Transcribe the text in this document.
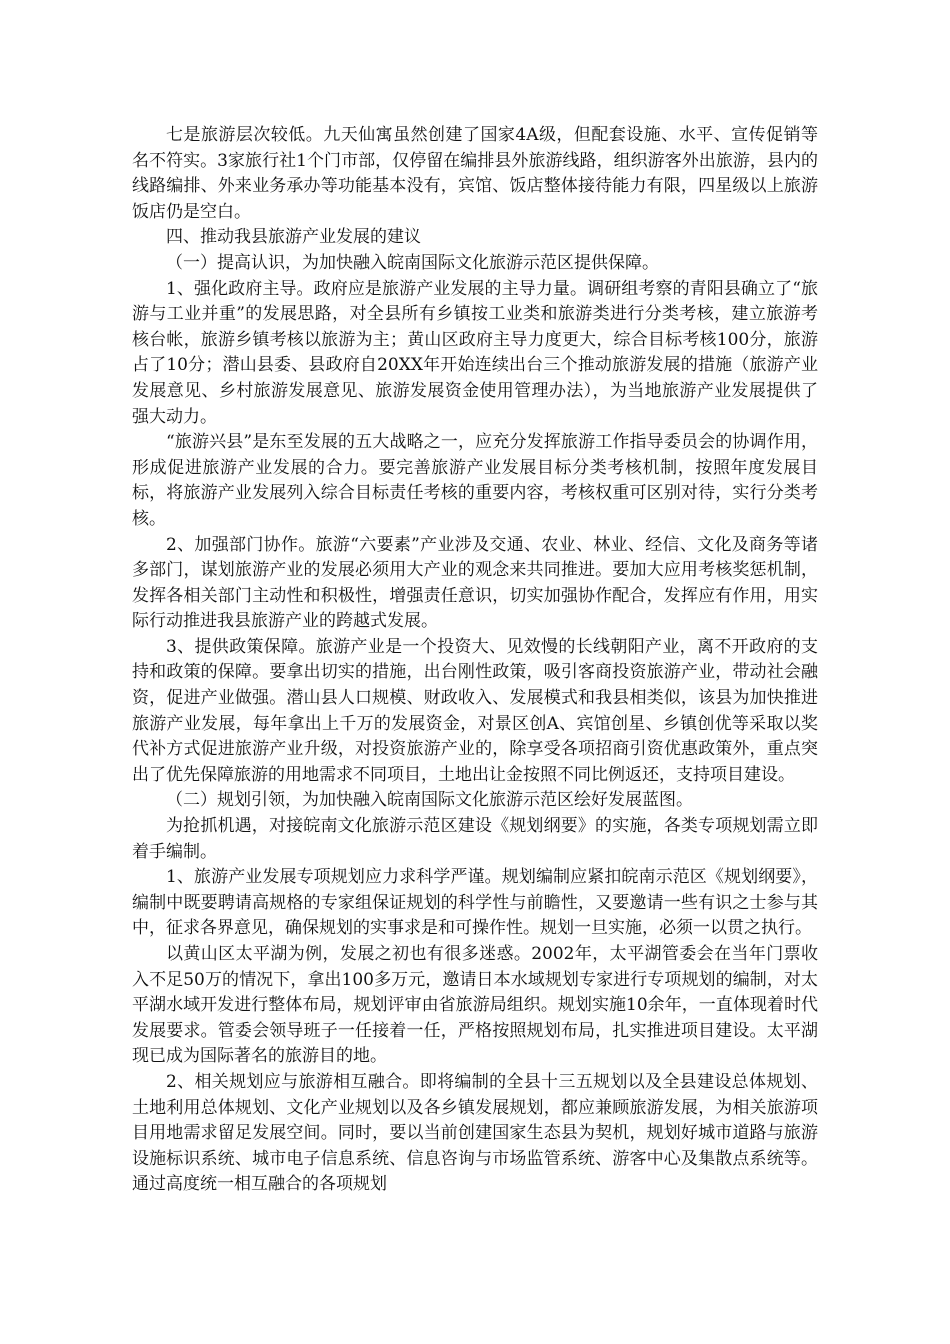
七是旅游层次较低。九天仙寓虽然创建了国家4A级，但配套设施、水平、宣传促销等名不符实。3家旅行社1个门市部，仅停留在编排县外旅游线路，组织游客外出旅游，县内的线路编排、外来业务承办等功能基本没有，宾馆、饭店整体接待能力有限，四星级以上旅游饭店仍是空白。

四、推动我县旅游产业发展的建议

（一）提高认识，为加快融入皖南国际文化旅游示范区提供保障。

1、强化政府主导。政府应是旅游产业发展的主导力量。调研组考察的青阳县确立了“旅游与工业并重”的发展思路，对全县所有乡镇按工业类和旅游类进行分类考核，建立旅游考核台帐，旅游乡镇考核以旅游为主；黄山区政府主导力度更大，综合目标考核100分，旅游占了10分；潜山县委、县政府自20XX年开始连续出台三个推动旅游发展的措施（旅游产业发展意见、乡村旅游发展意见、旅游发展资金使用管理办法），为当地旅游产业发展提供了强大动力。

“旅游兴县”是东至发展的五大战略之一，应充分发挥旅游工作指导委员会的协调作用，形成促进旅游产业发展的合力。要完善旅游产业发展目标分类考核机制，按照年度发展目标，将旅游产业发展列入综合目标责任考核的重要内容，考核权重可区别对待，实行分类考核。

2、加强部门协作。旅游“六要素”产业涉及交通、农业、林业、经信、文化及商务等诸多部门，谋划旅游产业的发展必须用大产业的观念来共同推进。要加大应用考核奖惩机制，发挥各相关部门主动性和积极性，增强责任意识，切实加强协作配合，发挥应有作用，用实际行动推进我县旅游产业的跨越式发展。

3、提供政策保障。旅游产业是一个投资大、见效慢的长线朝阳产业，离不开政府的支持和政策的保障。要拿出切实的措施，出台刚性政策，吸引客商投资旅游产业，带动社会融资，促进产业做强。潜山县人口规模、财政收入、发展模式和我县相类似，该县为加快推进旅游产业发展，每年拿出上千万的发展资金，对景区创A、宾馆创星、乡镇创优等采取以奖代补方式促进旅游产业升级，对投资旅游产业的，除享受各项招商引资优惠政策外，重点突出了优先保障旅游的用地需求不同项目，土地出让金按照不同比例返还，支持项目建设。

（二）规划引领，为加快融入皖南国际文化旅游示范区绘好发展蓝图。

为抢抓机遇，对接皖南文化旅游示范区建设《规划纲要》的实施，各类专项规划需立即着手编制。

1、旅游产业发展专项规划应力求科学严谨。规划编制应紧扣皖南示范区《规划纲要》，编制中既要聘请高规格的专家组保证规划的科学性与前瞻性，又要邀请一些有识之士参与其中，征求各界意见，确保规划的实事求是和可操作性。规划一旦实施，必须一以贯之执行。

以黄山区太平湖为例，发展之初也有很多迷惑。2002年，太平湖管委会在当年门票收入不足50万的情况下，拿出100多万元，邀请日本水域规划专家进行专项规划的编制，对太平湖水域开发进行整体布局，规划评审由省旅游局组织。规划实施10余年，一直体现着时代发展要求。管委会领导班子一任接着一任，严格按照规划布局，扎实推进项目建设。太平湖现已成为国际著名的旅游目的地。

2、相关规划应与旅游相互融合。即将编制的全县十三五规划以及全县建设总体规划、土地利用总体规划、文化产业规划以及各乡镇发展规划，都应兼顾旅游发展，为相关旅游项目用地需求留足发展空间。同时，要以当前创建国家生态县为契机，规划好城市道路与旅游设施标识系统、城市电子信息系统、信息咨询与市场监管系统、游客中心及集散点系统等。通过高度统一相互融合的各项规划
